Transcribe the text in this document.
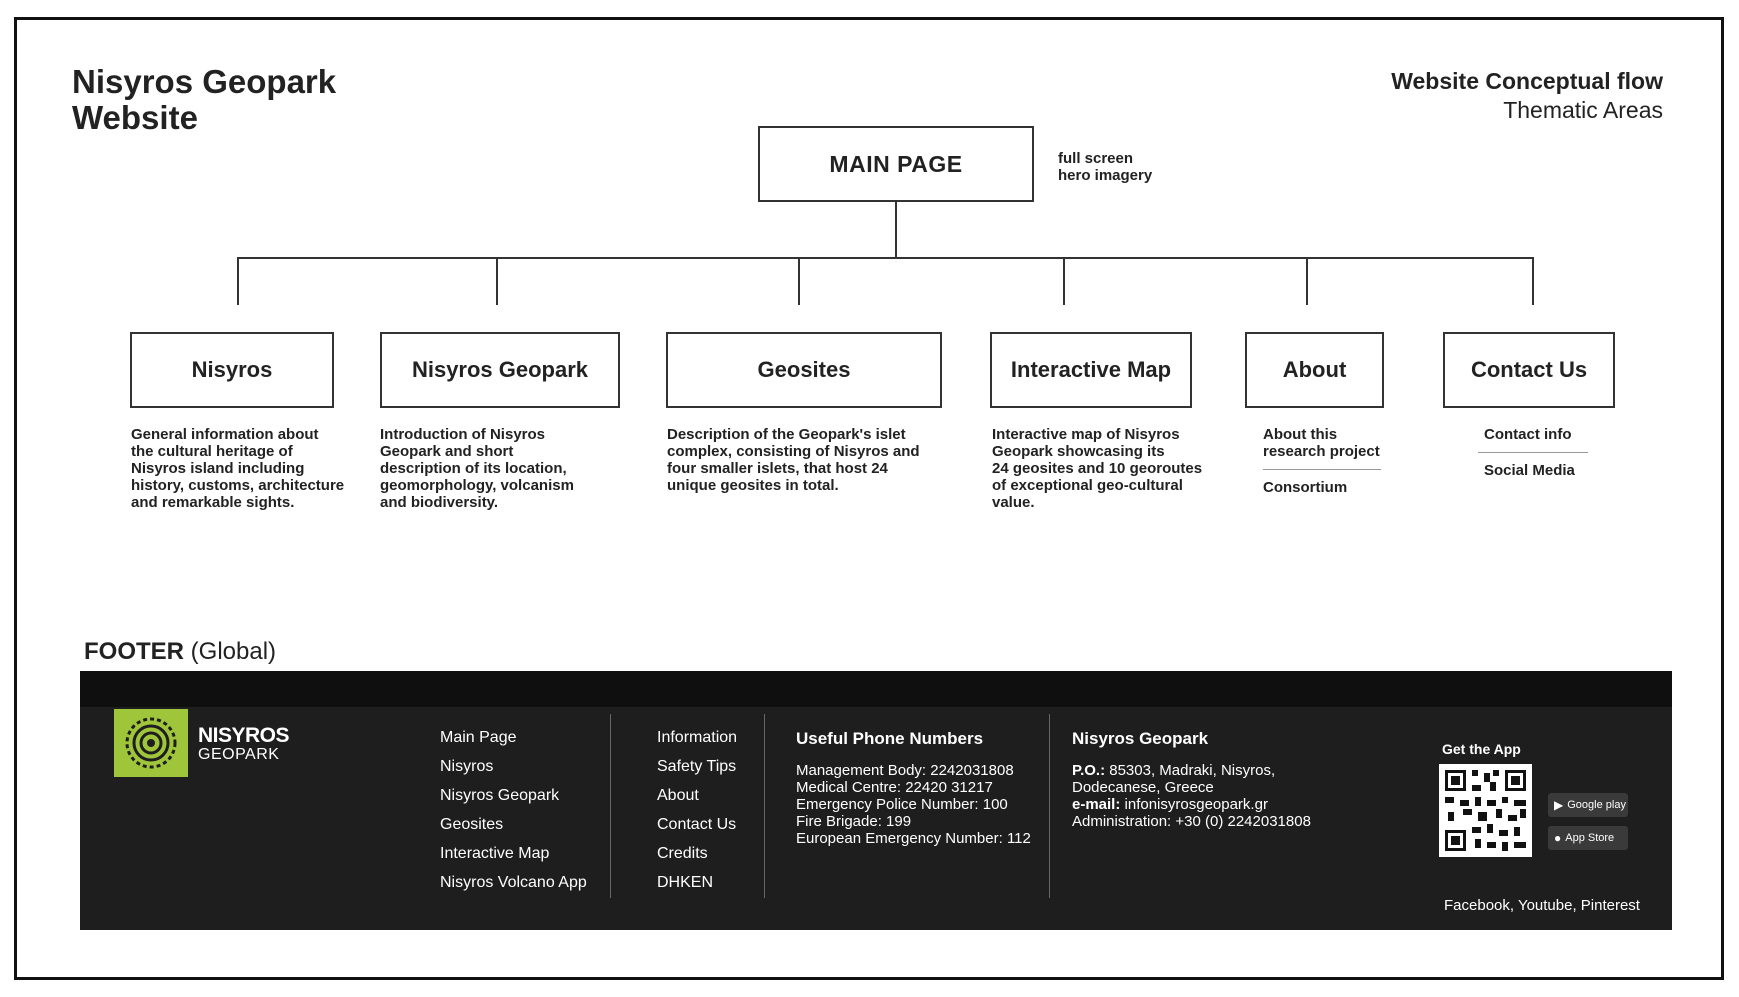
Nisyros Geopark
Website
Website Conceptual flow
Thematic Areas
MAIN PAGE	full screen
hero imagery
Nisyros	Nisyros Geopark	Geosites	Interactive Map	About	Contact Us
General information about
the cultural heritage of
Nisyros island including
history, customs, architecture
and remarkable sights.
Introduction of Nisyros
Geopark and short
description of its location,
geomorphology, volcanism
and biodiversity.
Description of the Geopark's islet
complex, consisting of Nisyros and
four smaller islets, that host 24
unique geosites in total.
Interactive map of Nisyros
Geopark showcasing its
24 geosites and 10 georoutes
of exceptional geo-cultural
value.
About this research project
Consortium
Contact info
Social Media
FOOTER (Global)
NISYROS
GEOPARK
Main Page
Nisyros
Nisyros Geopark
Geosites
Interactive Map
Nisyros Volcano App
Information
Safety Tips
About
Contact Us
Credits
DHKEN
Useful Phone Numbers
Management Body: 2242031808
Medical Centre: 22420 31217
Emergency Police Number: 100
Fire Brigade: 199
European Emergency Number: 112
Nisyros Geopark
P.O.: 85303, Madraki, Nisyros,
Dodecanese, Greece
e-mail: infonisyrosgeopark.gr
Administration: +30 (0) 2242031808
Get the App
▶ Google play
● App Store
Facebook, Youtube, Pinterest
